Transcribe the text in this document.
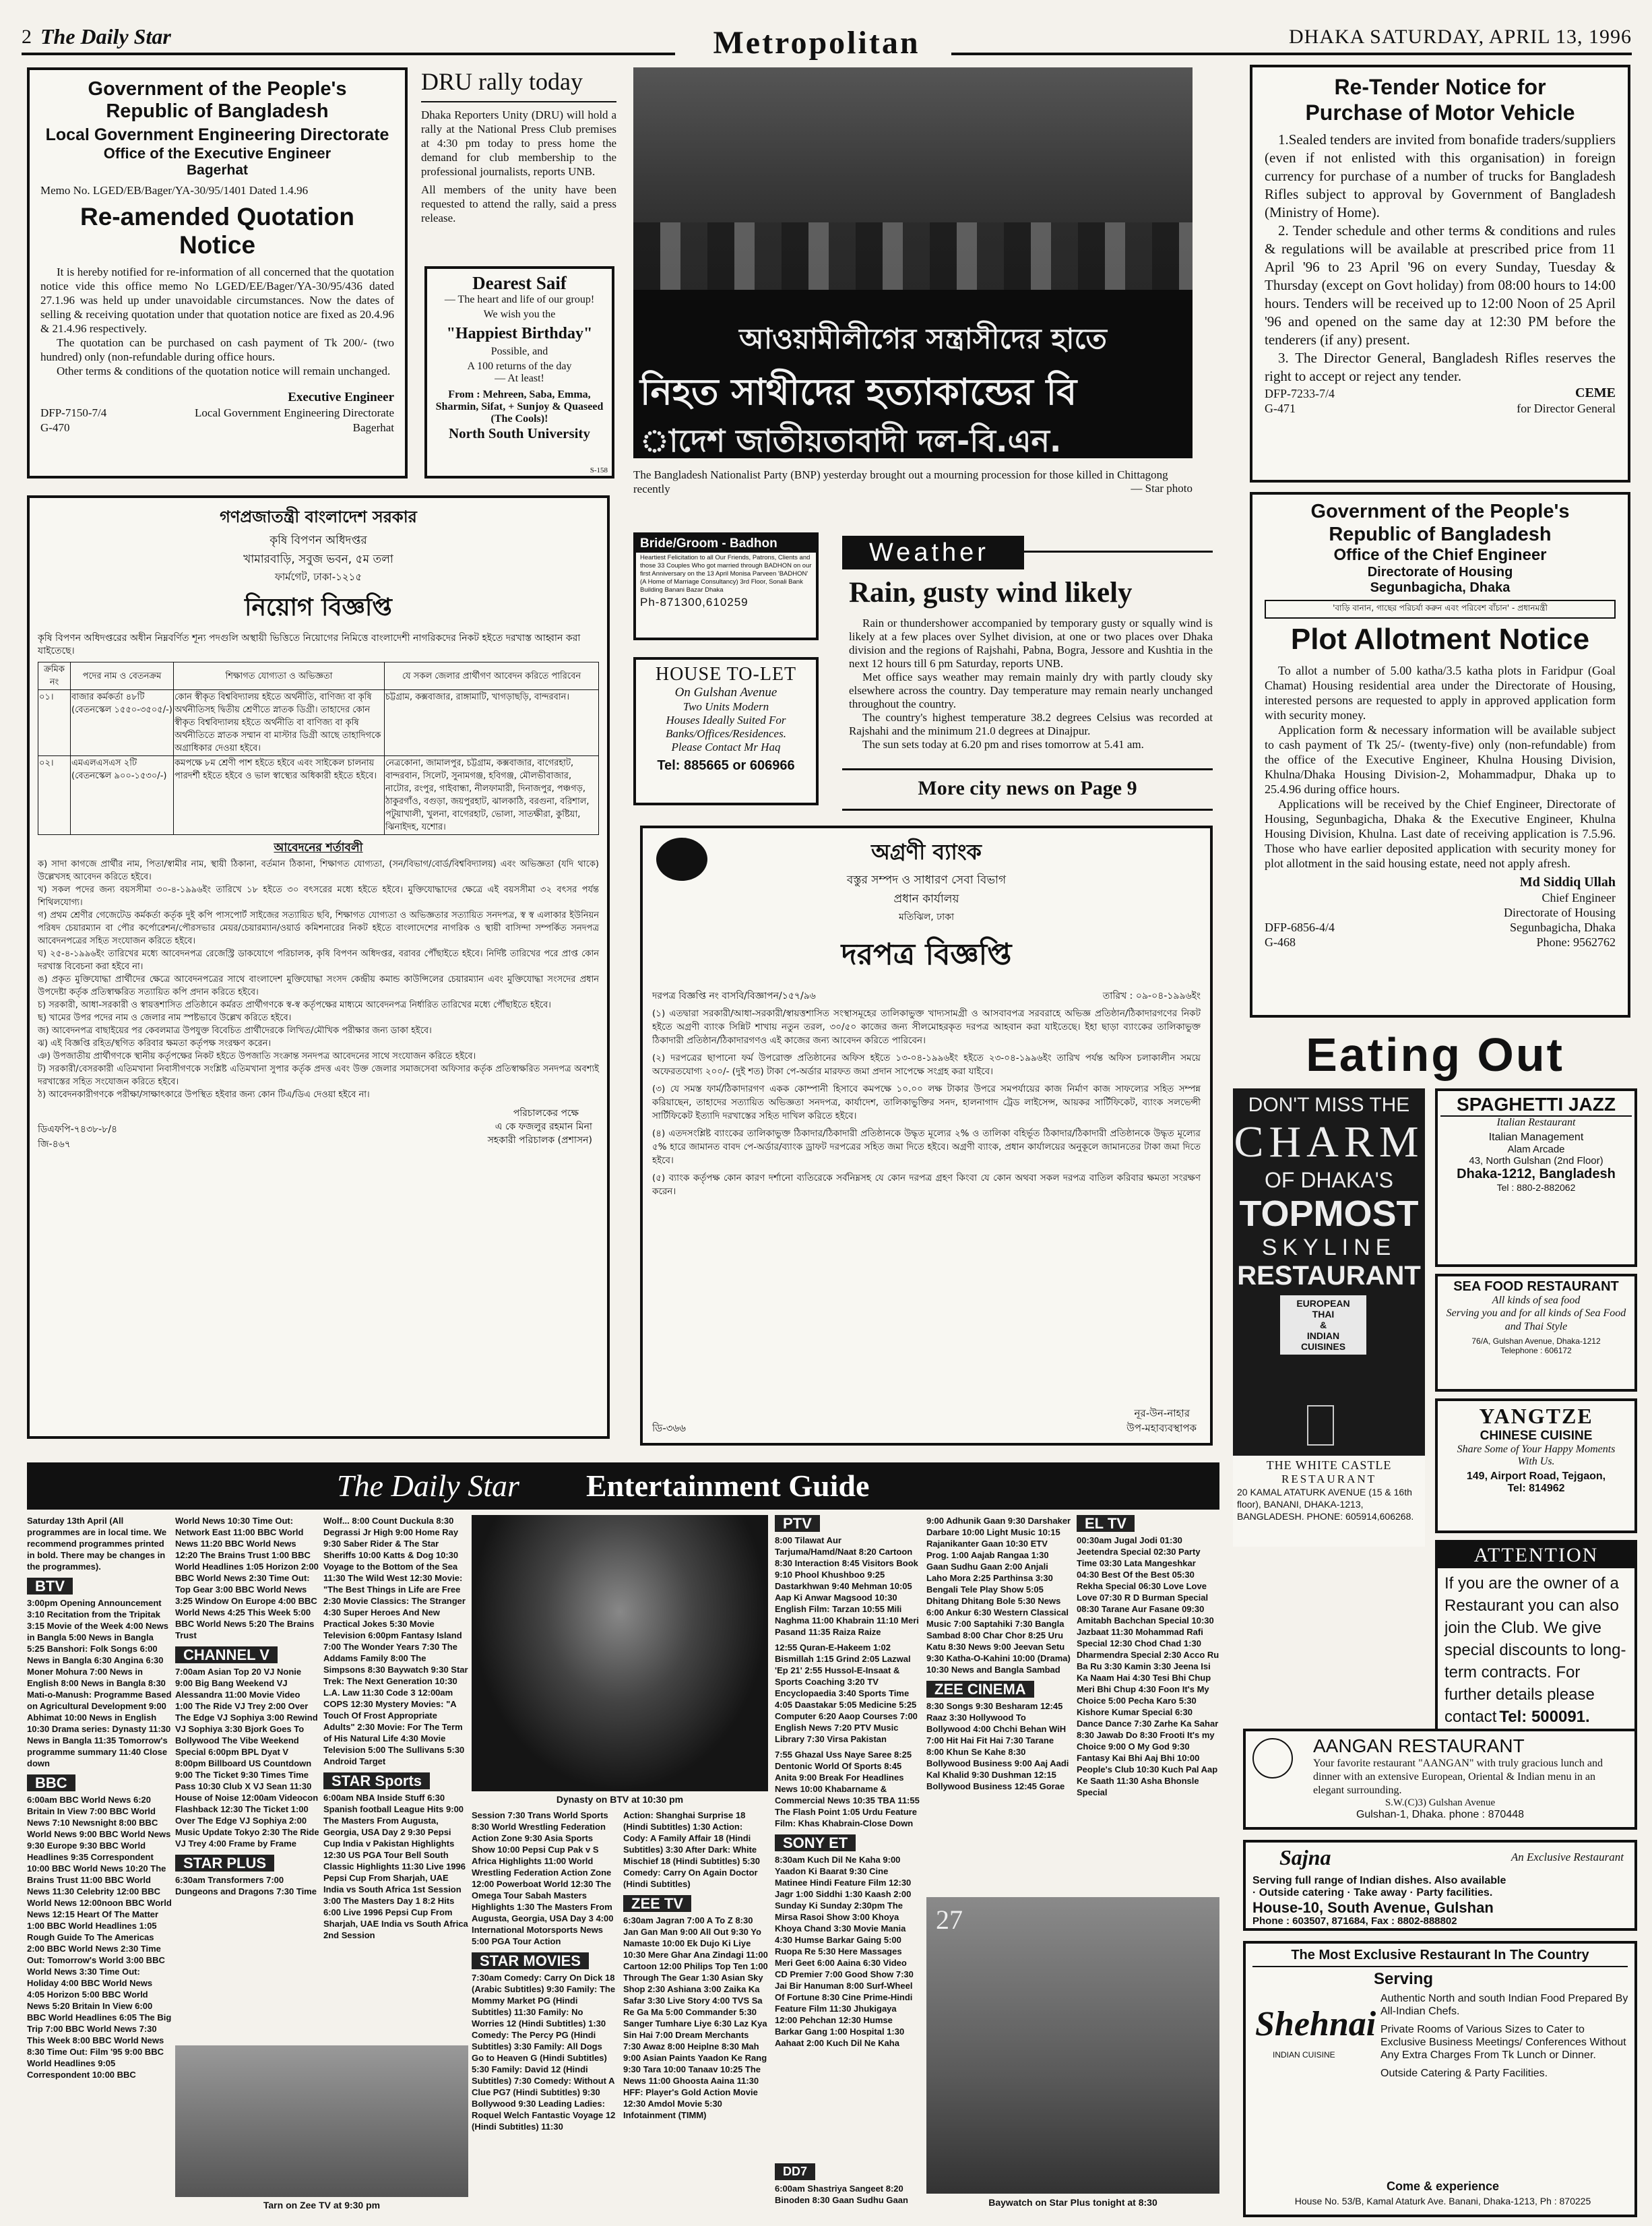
2 The Daily Star	DHAKA SATURDAY, APRIL 13, 1996
Metropolitan

Government of the People's Republic of Bangladesh

Local Government Engineering Directorate

Office of the Executive Engineer

Bagerhat

Memo No. LGED/EB/Bager/YA-30/95/1401 Dated 1.4.96

Re-amended Quotation Notice

It is hereby notified for re-information of all concerned that the quotation notice vide this office memo No LGED/EE/Bager/YA-30/95/436 dated 27.1.96 was held up under unavoidable circumstances. Now the dates of selling & receiving quotation under that quotation notice are fixed as 20.4.96 & 21.4.96 respectively.

The quotation can be purchased on cash payment of Tk 200/- (two hundred) only (non-refundable during office hours.

Other terms & conditions of the quotation notice will remain unchanged.

Executive Engineer

DFP-7150-7/4
G-470
Local Government Engineering Directorate
Bagerhat

DRU rally today

Dhaka Reporters Unity (DRU) will hold a rally at the National Press Club premises at 4:30 pm today to press home the demand for club membership to the professional journalists, reports UNB.

All members of the unity have been requested to attend the rally, said a press release.

Dearest Saif

— The heart and life of our group!

We wish you the

"Happiest Birthday"

Possible, and

A 100 returns of the day

— At least!

From : Mehreen, Saba, Emma, Sharmin, Sifat, + Sunjoy & Quaseed (The Cools)!

North South University

S-158

আওয়ামীলীগের সন্ত্রাসীদের হাতে

নিহত সাথীদের হত্যাকান্ডের বি

াদেশ জাতীয়তাবাদী দল-বি.এন.

The Bangladesh Nationalist Party (BNP) yesterday brought out a mourning procession for those killed in Chittagong recently	— Star photo

Re-Tender Notice for Purchase of Motor Vehicle

1.Sealed tenders are invited from bonafide traders/suppliers (even if not enlisted with this organisation) in foreign currency for purchase of a number of trucks for Bangladesh Rifles subject to approval by Government of Bangladesh (Ministry of Home).

2. Tender schedule and other terms & conditions and rules & regulations will be available at prescribed price from 11 April '96 to 23 April '96 on every Sunday, Tuesday & Thursday (except on Govt holiday) from 08:00 hours to 14:00 hours. Tenders will be received up to 12:00 Noon of 25 April '96 and opened on the same day at 12:30 PM before the tenderers (if any) present.

3. The Director General, Bangladesh Rifles reserves the right to accept or reject any tender.

DFP-7233-7/4
G-471
CEME
for Director General

গণপ্রজাতন্ত্রী বাংলাদেশ সরকার

কৃষি বিপণন অধিদপ্তর

খামারবাড়ি, সবুজ ভবন, ৫ম তলা

ফার্মগেট, ঢাকা-১২১৫

নিয়োগ বিজ্ঞপ্তি

কৃষি বিপণন অধিদপ্তরের অধীন নিম্নবর্ণিত শূন্য পদগুলি অস্থায়ী ভিত্তিতে নিয়োগের নিমিত্তে বাংলাদেশী নাগরিকদের নিকট হইতে দরখাস্ত আহ্বান করা যাইতেছে।

ক্রমিক নং	পদের নাম ও বেতনক্রম	শিক্ষাগত যোগ্যতা ও অভিজ্ঞতা	যে সকল জেলার প্রার্থীগণ আবেদন করিতে পারিবেন
০১।	বাজার কর্মকর্তা ৪৮টি (বেতনস্কেল ১৫৫০-৩৫০৫/-)	কোন স্বীকৃত বিশ্ববিদ্যালয় হইতে অর্থনীতি, বাণিজ্য বা কৃষি অর্থনীতিসহ দ্বিতীয় শ্রেণীতে স্নাতক ডিগ্রী। তাহাদের কোন স্বীকৃত বিশ্ববিদ্যালয় হইতে অর্থনীতি বা বাণিজ্য বা কৃষি অর্থনীতিতে স্নাতক সম্মান বা মাস্টার ডিগ্রী আছে তাহাদিগকে অগ্রাধিকার দেওয়া হইবে।	চট্টগ্রাম, কক্সবাজার, রাঙ্গামাটি, খাগড়াছড়ি, বান্দরবান।
০২।	এমএলএসএস ২টি (বেতনস্কেল ৯০০-১৫৩০/-)	কমপক্ষে ৮ম শ্রেণী পাশ হইতে হইবে এবং সাইকেল চালনায় পারদর্শী হইতে হইবে ও ভাল স্বাস্থ্যের অধিকারী হইতে হইবে।	নেত্রকোনা, জামালপুর, চট্টগ্রাম, কক্সবাজার, বাগেরহাট, বান্দরবান, সিলেট, সুনামগঞ্জ, হবিগঞ্জ, মৌলভীবাজার, নাটোর, রংপুর, গাইবান্ধা, নীলফামারী, দিনাজপুর, পঞ্চগড়, ঠাকুরগাঁও, বগুড়া, জয়পুরহাট, ঝালকাঠি, বরগুনা, বরিশাল, পটুয়াখালী, খুলনা, বাগেরহাট, ভোলা, সাতক্ষীরা, কুষ্টিয়া, ঝিনাইদহ, যশোর।

আবেদনের শর্তাবলী

ক) সাদা কাগজে প্রার্থীর নাম, পিতা/স্বামীর নাম, স্থায়ী ঠিকানা, বর্তমান ঠিকানা, শিক্ষাগত যোগ্যতা, (সন/বিভাগ/বোর্ড/বিশ্ববিদ্যালয়) এবং অভিজ্ঞতা (যদি থাকে) উল্লেখসহ আবেদন করিতে হইবে।

খ) সকল পদের জন্য বয়সসীমা ৩০-৪-১৯৯৬ইং তারিখে ১৮ হইতে ৩০ বৎসরের মধ্যে হইতে হইবে। মুক্তিযোদ্ধাদের ক্ষেত্রে এই বয়সসীমা ৩২ বৎসর পর্যন্ত শিথিলযোগ্য।

গ) প্রথম শ্রেণীর গেজেটেড কর্মকর্তা কর্তৃক দুই কপি পাসপোর্ট সাইজের সত্যায়িত ছবি, শিক্ষাগত যোগ্যতা ও অভিজ্ঞতার সত্যায়িত সনদপত্র, স্ব স্ব এলাকার ইউনিয়ন পরিষদ চেয়ারম্যান বা পৌর কর্পোরেশন/পৌরসভার মেয়র/চেয়ারম্যান/ওয়ার্ড কমিশনারের নিকট হইতে বাংলাদেশের নাগরিক ও স্থায়ী বাসিন্দা সম্পর্কিত সনদপত্র আবেদনপত্রের সহিত সংযোজন করিতে হইবে।

ঘ) ২৫-৪-১৯৯৬ইং তারিখের মধ্যে আবেদনপত্র রেজেস্ট্রি ডাকযোগে পরিচালক, কৃষি বিপণন অধিদপ্তর, বরাবর পৌঁছাইতে হইবে। নির্দিষ্ট তারিখের পরে প্রাপ্ত কোন দরখাস্ত বিবেচনা করা হইবে না।

ঙ) প্রকৃত মুক্তিযোদ্ধা প্রার্থীদের ক্ষেত্রে আবেদনপত্রের সাথে বাংলাদেশ মুক্তিযোদ্ধা সংসদ কেন্দ্রীয় কমান্ড কাউন্সিলের চেয়ারম্যান এবং মুক্তিযোদ্ধা সংসদের প্রধান উপদেষ্টা কর্তৃক প্রতিস্বাক্ষরিত সত্যায়িত কপি প্রদান করিতে হইবে।

চ) সরকারী, আধা-সরকারী ও স্বায়ত্তশাসিত প্রতিষ্ঠানে কর্মরত প্রার্থীগণকে স্ব-স্ব কর্তৃপক্ষের মাধ্যমে আবেদনপত্র নির্ধারিত তারিখের মধ্যে পৌঁছাইতে হইবে।

ছ) খামের উপর পদের নাম ও জেলার নাম স্পষ্টভাবে উল্লেখ করিতে হইবে।

জ) আবেদনপত্র বাছাইয়ের পর কেবলমাত্র উপযুক্ত বিবেচিত প্রার্থীদেরকে লিখিত/মৌখিক পরীক্ষার জন্য ডাকা হইবে।

ঝ) এই বিজ্ঞপ্তি রহিত/স্থগিত করিবার ক্ষমতা কর্তৃপক্ষ সংরক্ষণ করেন।

ঞ) উপজাতীয় প্রার্থীগণকে স্থানীয় কর্তৃপক্ষের নিকট হইতে উপজাতি সংক্রান্ত সনদপত্র আবেদনের সাথে সংযোজন করিতে হইবে।

ট) সরকারী/বেসরকারী এতিমখানা নিবাসীগণকে সংশ্লিষ্ট এতিমখানা সুপার কর্তৃক প্রদত্ত এবং উক্ত জেলার সমাজসেবা অফিসার কর্তৃক প্রতিস্বাক্ষরিত সনদপত্র অবশ্যই দরখাস্তের সহিত সংযোজন করিতে হইবে।

ঠ) আবেদনকারীগণকে পরীক্ষা/সাক্ষাৎকারে উপস্থিত হইবার জন্য কোন টিএ/ডিএ দেওয়া হইবে না।

পরিচালকের পক্ষে
এ কে ফজলুর রহমান মিনা
সহকারী পরিচালক (প্রশাসন)
ডিএফপি-৭৪৩৮-৮/৪
জি-৪৬৭

Bride/Groom - Badhon

Heartiest Felicitation to all Our Friends, Patrons, Clients and those 33 Couples Who got married through BADHON on our first Anniversary on the 13 April Monisa Parveen 'BADHON' (A Home of Marriage Consultancy) 3rd Floor, Sonali Bank Building Banani Bazar Dhaka

Ph-871300,610259

HOUSE TO-LET

On Gulshan Avenue

Two Units Modern

Houses Ideally Suited For

Banks/Offices/Residences.

Please Contact Mr Haq

Tel: 885665 or 606966

Weather

Rain, gusty wind likely

Rain or thundershower accompanied by temporary gusty or squally wind is likely at a few places over Sylhet division, at one or two places over Dhaka division and the regions of Rajshahi, Pabna, Bogra, Jessore and Kushtia in the next 12 hours till 6 pm Saturday, reports UNB.

Met office says weather may remain mainly dry with partly cloudy sky elsewhere across the country. Day temperature may remain nearly unchanged throughout the country.

The country's highest temperature 38.2 degrees Celsius was recorded at Rajshahi and the minimum 21.0 degrees at Dinajpur.

The sun sets today at 6.20 pm and rises tomorrow at 5.41 am.

More city news on Page 9

অগ্রণী ব্যাংক

বস্তুর সম্পদ ও সাধারণ সেবা বিভাগ

প্রধান কার্যালয়

মতিঝিল, ঢাকা

দরপত্র বিজ্ঞপ্তি

দরপত্র বিজ্ঞপ্তি নং বাসবি/বিজ্ঞাপন/১৫৭/৯৬	তারিখ : ০৯-০৪-১৯৯৬ইং

(১) এতদ্বারা সরকারী/আধা-সরকারী/স্বায়ত্তশাসিত সংস্থাসমূহের তালিকাভুক্ত খাদ্যসামগ্রী ও আসবাবপত্র সরবরাহে অভিজ্ঞ প্রতিষ্ঠান/ঠিকাদারগণের নিকট হইতে অগ্রণী ব্যাংক সিন্নিট শাখায় নতুন তরল, ৩০/৫০ কাজের জন্য সীলমোহরকৃত দরপত্র আহবান করা যাইতেছে। ইহা ছাড়া ব্যাংকের তালিকাভুক্ত ঠিকাদারী প্রতিষ্ঠান/ঠিকাদারগণও এই কাজের জন্য আবেদন করিতে পারিবেন।

(২) দরপত্রের ছাপানো ফর্ম উপরোক্ত প্রতিষ্ঠানের অফিস হইতে ১৩-০৪-১৯৯৬ইং হইতে ২৩-০৪-১৯৯৬ইং তারিখ পর্যন্ত অফিস চলাকালীন সময়ে অফেরতযোগ্য ২০০/- (দুই শত) টাকা পে-অর্ডার মারফত জমা প্রদান সাপেক্ষে সংগ্রহ করা যাইবে।

(৩) যে সমস্ত ফার্ম/ঠিকাদারগণ একক কোম্পানী হিসাবে কমপক্ষে ১০.০০ লক্ষ টাকার উপরে সমপর্যায়ের কাজ নির্মাণ কাজ সাফল্যের সহিত সম্পন্ন করিয়াছেন, তাহাদের সত্যায়িত অভিজ্ঞতা সনদপত্র, কার্যাদেশ, তালিকাভুক্তির সনদ, হালনাগাদ ট্রেড লাইসেন্স, আয়কর সার্টিফিকেট, ব্যাংক সলভেন্সী সার্টিফিকেট ইত্যাদি দরখাস্তের সহিত দাখিল করিতে হইবে।

(৪) এতদসংশ্লিষ্ট ব্যাংকের তালিকাভুক্ত ঠিকাদার/ঠিকাদারী প্রতিষ্ঠানকে উদ্ধৃত মূল্যের ২% ও তালিকা বহির্ভূত ঠিকাদার/ঠিকাদারী প্রতিষ্ঠানকে উদ্ধৃত মূল্যের ৫% হারে জামানত বাবদ পে-অর্ডার/ব্যাংক ড্রাফট দরপত্রের সহিত জমা দিতে হইবে। অগ্রণী ব্যাংক, প্রধান কার্যালয়ের অনুকূলে জামানতের টাকা জমা দিতে হইবে।

(৫) ব্যাংক কর্তৃপক্ষ কোন কারণ দর্শানো ব্যতিরেকে সর্বনিম্নসহ যে কোন দরপত্র গ্রহণ কিংবা যে কোন অথবা সকল দরপত্র বাতিল করিবার ক্ষমতা সংরক্ষণ করেন।

নূর-উন-নাহার
উপ-মহাব্যবস্থাপক
ডি-৩৬৬

Government of the People's Republic of Bangladesh

Office of the Chief Engineer

Directorate of Housing

Segunbagicha, Dhaka

'বাড়ি বানান, গাছের পরিচর্যা করুন এবং পরিবেশ বাঁচান' - প্রধানমন্ত্রী

Plot Allotment Notice

To allot a number of 5.00 katha/3.5 katha plots in Faridpur (Goal Chamat) Housing residential area under the Directorate of Housing, interested persons are requested to apply in approved application form with security money.

Application form & necessary information will be available subject to cash payment of Tk 25/- (twenty-five) only (non-refundable) from the office of the Executive Engineer, Khulna Housing Division, Khulna/Dhaka Housing Division-2, Mohammadpur, Dhaka up to 25.4.96 during office hours.

Applications will be received by the Chief Engineer, Directorate of Housing, Segunbagicha, Dhaka & the Executive Engineer, Khulna Housing Division, Khulna. Last date of receiving application is 7.5.96. Those who have earlier deposited application with security money for plot allotment in the said housing estate, need not apply afresh.

Md Siddiq Ullah
Chief Engineer
Directorate of Housing
Segunbagicha, Dhaka
Phone: 9562762
DFP-6856-4/4
G-468

Eating Out

DON'T MISS THE

CHARM

OF DHAKA'S

TOPMOST

SKYLINE

RESTAURANT

EUROPEAN

THAI

&

INDIAN

CUISINES

THE WHITE CASTLE

RESTAURANT

20 KAMAL ATATURK AVENUE (15 & 16th floor), BANANI, DHAKA-1213, BANGLADESH. PHONE: 605914,606268.

SPAGHETTI JAZZ

Italian Restaurant

Italian Management

Alam Arcade

43, North Gulshan (2nd Floor)

Dhaka-1212, Bangladesh

Tel : 880-2-882062

SEA FOOD RESTAURANT

All kinds of sea food

Serving you and for all kinds of Sea Food and Thai Style

76/A, Gulshan Avenue, Dhaka-1212

Telephone : 606172

YANGTZE

CHINESE CUISINE

Share Some of Your Happy Moments With Us.

149, Airport Road, Tejgaon,

Tel: 814962

ATTENTION

If you are the owner of a Restaurant you can also join the Club. We give special discounts to long-term contracts. For further details please contact Tel: 500091.

AANGAN RESTAURANT

Your favorite restaurant "AANGAN" with truly gracious lunch and dinner with an extensive European, Oriental & Indian menu in an elegant surrounding.

S.W.(C)3) Gulshan Avenue

Gulshan-1, Dhaka. phone : 870448

Sajna	An Exclusive Restaurant

Serving full range of Indian dishes. Also available

· Outside catering · Take away · Party facilities.

House-10, South Avenue, Gulshan

Phone : 603507, 871684, Fax : 8802-888802

The Most Exclusive Restaurant In The Country

Serving

Shehnai

INDIAN CUISINE

Authentic North and south Indian Food Prepared By All-Indian Chefs.

Private Rooms of Various Sizes to Cater to Exclusive Business Meetings/ Conferences Without Any Extra Charges From Tk Lunch or Dinner.

Outside Catering & Party Facilities.

Come & experience

House No. 53/B, Kamal Ataturk Ave. Banani, Dhaka-1213, Ph : 870225

The Daily Star Entertainment Guide

Saturday 13th April (All programmes are in local time. We recommend programmes printed in bold. There may be changes in the programmes).

BTV

3:00pm Opening Announcement 3:10 Recitation from the Tripitak 3:15 Movie of the Week 4:00 News in Bangla 5:00 News in Bangla 5:25 Banshori: Folk Songs 6:00 News in Bangla 6:30 Angina 6:30 Moner Mohura 7:00 News in English 8:00 News in Bangla 8:30 Mati-o-Manush: Programme Based on Agricultural Development 9:00 Abhimat 10:00 News in English 10:30 Drama series: Dynasty 11:30 News in Bangla 11:35 Tomorrow's programme summary 11:40 Close down

BBC

6:00am BBC World News 6:20 Britain In View 7:00 BBC World News 7:10 Newsnight 8:00 BBC World News 9:00 BBC World News 9:30 Europe 9:30 BBC World Headlines 9:35 Correspondent 10:00 BBC World News 10:20 The Brains Trust 11:00 BBC World News 11:30 Celebrity 12:00 BBC World News 12:00noon BBC World News 12:15 Heart Of The Matter 1:00 BBC World Headlines 1:05 Rough Guide To The Americas 2:00 BBC World News 2:30 Time Out: Tomorrow's World 3:00 BBC World News 3:30 Time Out: Holiday 4:00 BBC World News 4:05 Horizon 5:00 BBC World News 5:20 Britain In View 6:00 BBC World Headlines 6:05 The Big Trip 7:00 BBC World News 7:30 This Week 8:00 BBC World News 8:30 Time Out: Film '95 9:00 BBC World Headlines 9:05 Correspondent 10:00 BBC

World News 10:30 Time Out: Network East 11:00 BBC World News 11:20 BBC World News 12:20 The Brains Trust 1:00 BBC World Headlines 1:05 Horizon 2:00 BBC World News 2:30 Time Out: Top Gear 3:00 BBC World News 3:25 Window On Europe 4:00 BBC World News 4:25 This Week 5:00 BBC World News 5:20 The Brains Trust

CHANNEL V

7:00am Asian Top 20 VJ Nonie 9:00 Big Bang Weekend VJ Alessandra 11:00 Movie Video 1:00 The Ride VJ Trey 2:00 Over The Edge VJ Sophiya 3:00 Rewind VJ Sophiya 3:30 Bjork Goes To Bollywood The Vibe Weekend Special 6:00pm BPL Dyat V 8:00pm Billboard US Countdown 9:00 The Ticket 9:30 Times Time Pass 10:30 Club X VJ Sean 11:30 House of Noise 12:00am Videocon Flashback 12:30 The Ticket 1:00 Over The Edge VJ Sophiya 2:00 Music Update Tokyo 2:30 The Ride VJ Trey 4:00 Frame by Frame

STAR PLUS

6:30am Transformers 7:00 Dungeons and Dragons 7:30 Time

Wolf... 8:00 Count Duckula 8:30 Degrassi Jr High 9:00 Home Ray 9:30 Saber Rider & The Star Sheriffs 10:00 Katts & Dog 10:30 Voyage to the Bottom of the Sea 11:30 The Wild West 12:30 Movie: "The Best Things in Life are Free 2:30 Movie Classics: The Stranger 4:30 Super Heroes And New Practical Jokes 5:30 Movie Television 6:00pm Fantasy Island 7:00 The Wonder Years 7:30 The Addams Family 8:00 The Simpsons 8:30 Baywatch 9:30 Star Trek: The Next Generation 10:30 L.A. Law 11:30 Code 3 12:00am COPS 12:30 Mystery Movies: "A Touch Of Frost Appropriate Adults" 2:30 Movie: For The Term of His Natural Life 4:30 Movie Television 5:00 The Sullivans 5:30 Android Target

STAR Sports

6:00am NBA Inside Stuff 6:30 Spanish football League Hits 9:00 The Masters From Augusta, Georgia, USA Day 2 9:30 Pepsi Cup India v Pakistan Highlights 12:30 US PGA Tour Bell South Classic Highlights 11:30 Live 1996 Pepsi Cup From Sharjah, UAE India vs South Africa 1st Session 3:00 The Masters Day 1 8:2 Hits 6:00 Live 1996 Pepsi Cup From Sharjah, UAE India vs South Africa 2nd Session

Dynasty on BTV at 10:30 pm

Session 7:30 Trans World Sports 8:30 World Wrestling Federation Action Zone 9:30 Asia Sports Show 10:00 Pepsi Cup Pak v S Africa Highlights 11:00 World Wrestling Federation Action Zone 12:00 Powerboat World 12:30 The Omega Tour Sabah Masters Highlights 1:30 The Masters From Augusta, Georgia, USA Day 3 4:00 International Motorsports News 5:00 PGA Tour Action

STAR MOVIES

7:30am Comedy: Carry On Dick 18 (Arabic Subtitles) 9:30 Family: The Mommy Market PG (Hindi Subtitles) 11:30 Family: No Worries 12 (Hindi Subtitles) 1:30 Comedy: The Percy PG (Hindi Subtitles) 3:30 Family: All Dogs Go to Heaven G (Hindi Subtitles) 5:30 Family: David 12 (Hindi Subtitles) 7:30 Comedy: Without A Clue PG7 (Hindi Subtitles) 9:30 Bollywood 9:30 Leading Ladies: Roquel Welch Fantastic Voyage 12 (Hindi Subtitles) 11:30

Action: Shanghai Surprise 18 (Hindi Subtitles) 1:30 Action: Cody: A Family Affair 18 (Hindi Subtitles) 3:30 After Dark: White Mischief 18 (Hindi Subtitles) 5:30 Comedy: Carry On Again Doctor (Hindi Subtitles)

ZEE TV

6:30am Jagran 7:00 A To Z 8:30 Jan Gan Man 9:00 All Out 9:30 Yo Namaste 10:00 Ek Dujo Ki Liye 10:30 Mere Ghar Ana Zindagi 11:00 Cartoon 12:00 Philips Top Ten 1:00 Through The Gear 1:30 Asian Sky Shop 2:30 Ashiana 3:00 Zaika Ka Safar 3:30 Live Story 4:00 TVS Sa Re Ga Ma 5:00 Commander 5:30 Sanger Tumhare Liye 6:30 Laz Kya Sin Hai 7:00 Dream Merchants 7:30 Awaz 8:00 Heiplne 8:30 Mah 9:00 Asian Paints Yaadon Ke Rang 9:30 Tara 10:00 Tanaav 10:25 The News 11:00 Ghoosta Aaina 11:30 HFF: Player's Gold Action Movie 12:30 Amdol Movie 5:30 Infotainment (TIMM)

Tarn on Zee TV at 9:30 pm

PTV

8:00 Tilawat Aur Tarjuma/Hamd/Naat 8:20 Cartoon 8:30 Interaction 8:45 Visitors Book 9:10 Phool Khushboo 9:25 Dastarkhwan 9:40 Mehman 10:05 Aap Ki Anwar Magsood 10:30 English Film: Tarzan 10:55 Mili Naghma 11:00 Khabrain 11:10 Meri Pasand 11:35 Raiza Raize

12:55 Quran-E-Hakeem 1:02 Bismillah 1:15 Grind 2:05 Lazwal 'Ep 21' 2:55 Hussol-E-Insaat & Sports Coaching 3:20 TV Encyclopaedia 3:40 Sports Time 4:05 Daastakar 5:05 Medicine 5:25 Computer 6:20 Aaop Courses 7:00 English News 7:20 PTV Music Library 7:30 Virsa Pakistan

7:55 Ghazal Uss Naye Saree 8:25 Dentonic World Of Sports 8:45 Anita 9:00 Break For Headlines News 10:00 Khabarname & Commercial News 10:35 TBA 11:55 The Flash Point 1:05 Urdu Feature Film: Khas Khabrain-Close Down

SONY ET

8:30am Kuch Dil Ne Kaha 9:00 Yaadon Ki Baarat 9:30 Cine Matinee Hindi Feature Film 12:30 Jagr 1:00 Siddhi 1:30 Kaash 2:00 Sunday Ki Sunday 2:30pm The Mirsa Rasoi Show 3:00 Khoya Khoya Chand 3:30 Movie Mania 4:30 Humse Barkar Gaing 5:00 Ruopa Re 5:30 Here Massages Meri Geet 6:00 Aaina 6:30 Video CD Premier 7:00 Good Show 7:30 Jai Bir Hanuman 8:00 Surf-Wheel Of Fortune 8:30 Cine Prime-Hindi Feature Film 11:30 Jhukigaya 12:00 Pehchan 12:30 Humse Barkar Gang 1:00 Hospital 1:30 Aahaat 2:00 Kuch Dil Ne Kaha

9:00 Adhunik Gaan 9:30 Darshaker Darbare 10:00 Light Music 10:15 Rajanikanter Gaan 10:30 ETV Prog. 1:00 Aajab Rangaa 1:30 Gaan Sudhu Gaan 2:00 Anjali Laho Mora 2:25 Parthinsa 3:30 Bengali Tele Play Show 5:05 Dhitang Dhitang Bole 5:30 News 6:00 Ankur 6:30 Western Classical Music 7:00 Saptahiki 7:30 Bangla Sambad 8:00 Char Chor 8:25 Uru Katu 8:30 News 9:00 Jeevan Setu 9:30 Katha-O-Kahini 10:00 (Drama) 10:30 News and Bangla Sambad

ZEE CINEMA

8:30 Songs 9:30 Besharam 12:45 Raaz 3:30 Hollywood To Bollywood 4:00 Chchi Behan WiH 7:00 Hit Hai Fit Hai 7:30 Tarane 8:00 Khun Se Kahe 8:30 Bollywood Business 9:00 Aaj Aadi Kal Khalid 9:30 Dushman 12:15 Bollywood Business 12:45 Gorae

EL TV

00:30am Jugal Jodi 01:30 Jeetendra Special 02:30 Party Time 03:30 Lata Mangeshkar 04:30 Best Of the Best 05:30 Rekha Special 06:30 Love Love Love 07:30 R D Burman Special 08:30 Tarane Aur Fasane 09:30 Amitabh Bachchan Special 10:30 Jazbaat 11:30 Mohammad Rafi Special 12:30 Chod Chad 1:30 Dharmendra Special 2:30 Acco Ru Ba Ru 3:30 Kamin 3:30 Jeena Isi Ka Naam Hai 4:30 Tesi Bhi Chup Meri Bhi Chup 4:30 Foon It's My Choice 5:00 Pecha Karo 5:30 Kishore Kumar Special 6:30 Dance Dance 7:30 Zarhe Ka Sahar 8:30 Jawab Do 8:30 Frooti It's my Choice 9:00 O My God 9:30 Fantasy Kai Bhi Aaj Bhi 10:00 People's Club 10:30 Kuch Pal Aap Ke Saath 11:30 Asha Bhonsle Special

27

Baywatch on Star Plus tonight at 8:30

DD7

6:00am Shastriya Sangeet 8:20 Binoden 8:30 Gaan Sudhu Gaan
